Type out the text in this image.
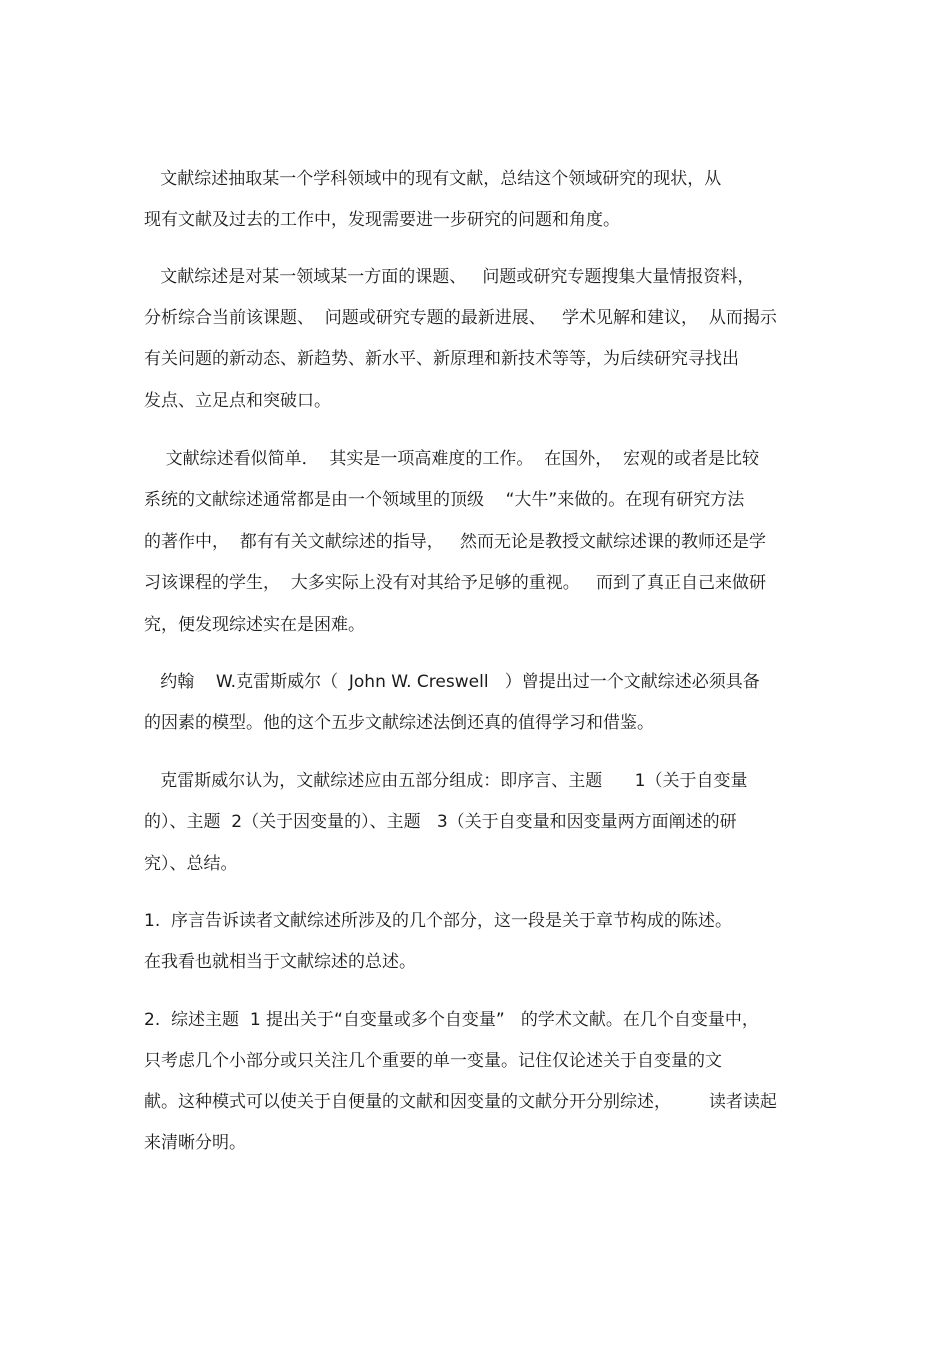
文献综述抽取某一个学科领域中的现有文献，总结这个领域研究的现状，从
现有文献及过去的工作中，发现需要进一步研究的问题和角度。
文献综述是对某一领域某一方面的课题、   问题或研究专题搜集大量情报资料，
分析综合当前该课题、  问题或研究专题的最新进展、   学术见解和建议，  从而揭示
有关问题的新动态、新趋势、新水平、新原理和新技术等等，为后续研究寻找出
发点、立足点和突破口。
文献综述看似简单．  其实是一项高难度的工作。  在国外，  宏观的或者是比较
系统的文献综述通常都是由一个领域里的顶级    “大牛”来做的。在现有研究方法
的著作中，  都有有关文献综述的指导，   然而无论是教授文献综述课的教师还是学
习该课程的学生，  大多实际上没有对其给予足够的重视。   而到了真正自己来做研
究，便发现综述实在是困难。
约翰    W.克雷斯威尔（  John W. Creswell   ）曾提出过一个文献综述必须具备
的因素的模型。他的这个五步文献综述法倒还真的值得学习和借鉴。
克雷斯威尔认为，文献综述应由五部分组成：即序言、主题      1（关于自变量
的）、主题  2（关于因变量的）、主题   3（关于自变量和因变量两方面阐述的研
究）、总结。
1.  序言告诉读者文献综述所涉及的几个部分，这一段是关于章节构成的陈述。
在我看也就相当于文献综述的总述。
2.  综述主题  1 提出关于“自变量或多个自变量”   的学术文献。在几个自变量中，
只考虑几个小部分或只关注几个重要的单一变量。记住仅论述关于自变量的文
献。这种模式可以使关于自便量的文献和因变量的文献分开分别综述，       读者读起
来清晰分明。
